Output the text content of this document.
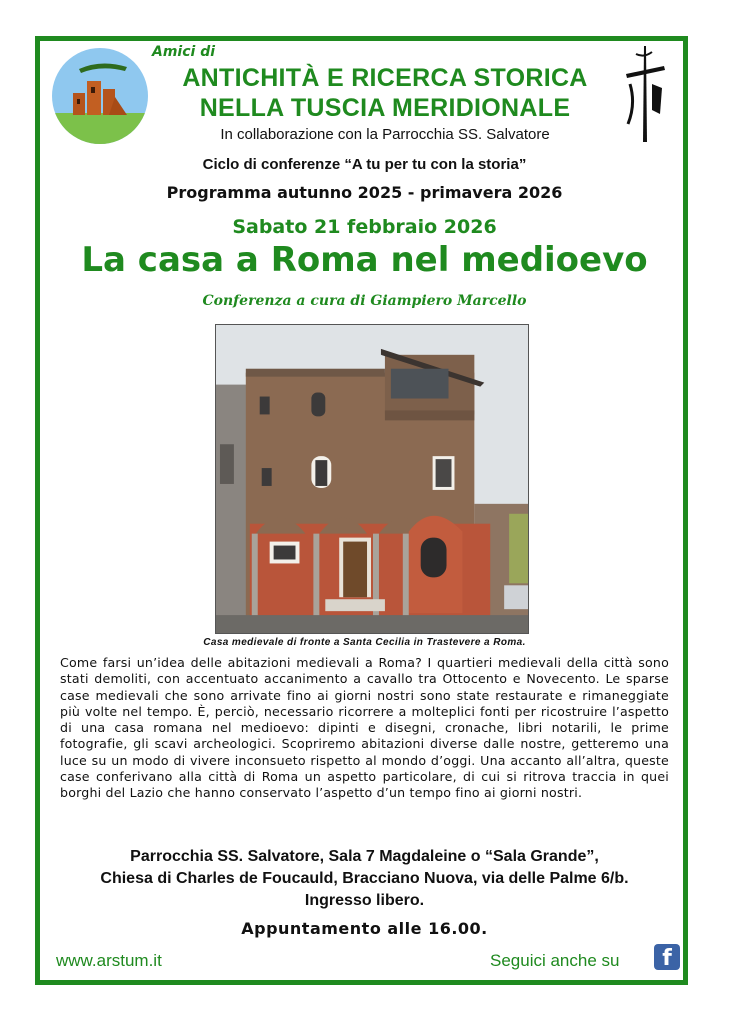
Amici di
ANTICHITÀ E RICERCA STORICA
NELLA TUSCIA MERIDIONALE
In collaborazione con la Parrocchia SS. Salvatore
Ciclo di conferenze “A tu per tu con la storia”
Programma autunno 2025 - primavera 2026
Sabato 21 febbraio 2026
La casa a Roma nel medioevo
Conferenza a cura di Giampiero Marcello
Casa medievale di fronte a Santa Cecilia in Trastevere a Roma.
Come farsi un’idea delle abitazioni medievali a Roma? I quartieri medievali della città sono stati demoliti, con accentuato accanimento a cavallo tra Ottocento e Novecento. Le sparse case medievali che sono arrivate fino ai giorni nostri sono state restaurate e rimaneggiate più volte nel tempo. È, perciò, necessario ricorrere a molteplici fonti per ricostruire l’aspetto di una casa romana nel medioevo: dipinti e disegni, cronache, libri notarili, le prime fotografie, gli scavi archeologici. Scopriremo abitazioni diverse dalle nostre, getteremo una luce su un modo di vivere inconsueto rispetto al mondo d’oggi. Una accanto all’altra, queste case conferivano alla città di Roma un aspetto particolare, di cui si ritrova traccia in quei borghi del Lazio che hanno conservato l’aspetto d’un tempo fino ai giorni nostri.
Parrocchia SS. Salvatore, Sala 7 Magdaleine o “Sala Grande”,
Chiesa di Charles de Foucauld, Bracciano Nuova, via delle Palme 6/b.
Ingresso libero.
Appuntamento alle 16.00.
www.arstum.it	Seguici anche su	f
